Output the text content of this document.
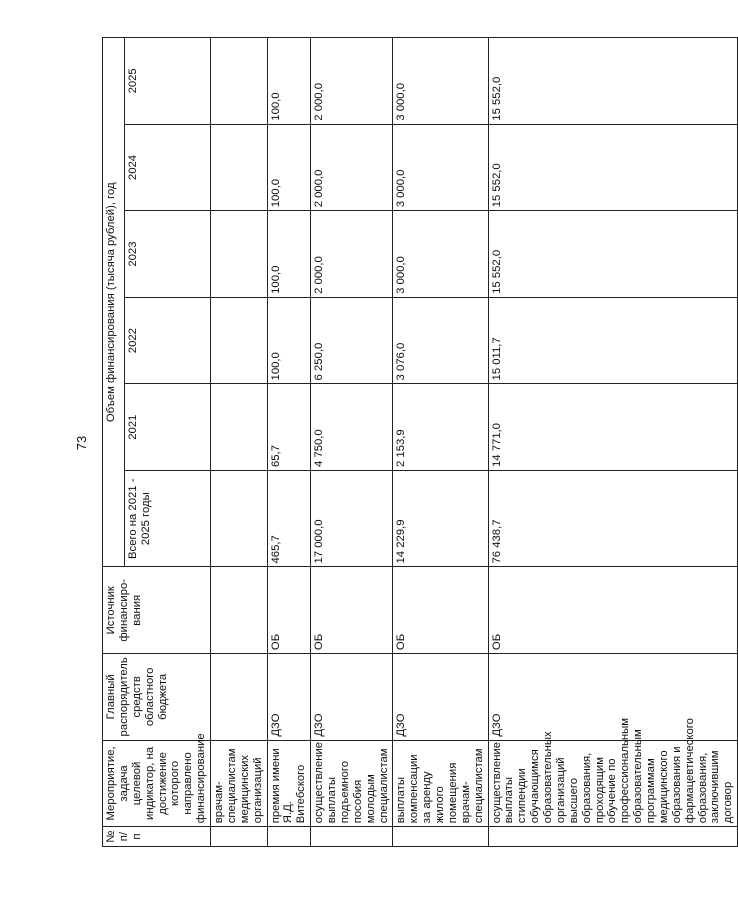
73
№ п/п	Мероприятие, задача целевой индикатор, на достижение которого направлено финансирование	Главный распорядитель средств областного бюджета	Источник финансиро-вания	Объем финансирования (тысяча рублей), год					
				Всего на 2021 - 2025 годы	2021	2022	2023	2024	2025
	врачам-специалистам медицинских организаций								
	премия имени Я.Д. Витебского	ДЗО	ОБ	465,7	65,7	100,0	100,0	100,0	100,0
	осуществление выплаты подъемного пособия молодым специалистам	ДЗО	ОБ	17 000,0	4 750,0	6 250,0	2 000,0	2 000,0	2 000,0
	выплаты компенсации за аренду жилого помещения врачам-специалистам	ДЗО	ОБ	14 229,9	2 153,9	3 076,0	3 000,0	3 000,0	3 000,0
	осуществление выплаты стипендии обучающимся образовательных организаций высшего образования, проходящим обучение по профессиональным образовательным программам медицинского образования и фармацевтического образования, заключившим договор	ДЗО	ОБ	76 438,7	14 771,0	15 011,7	15 552,0	15 552,0	15 552,0
